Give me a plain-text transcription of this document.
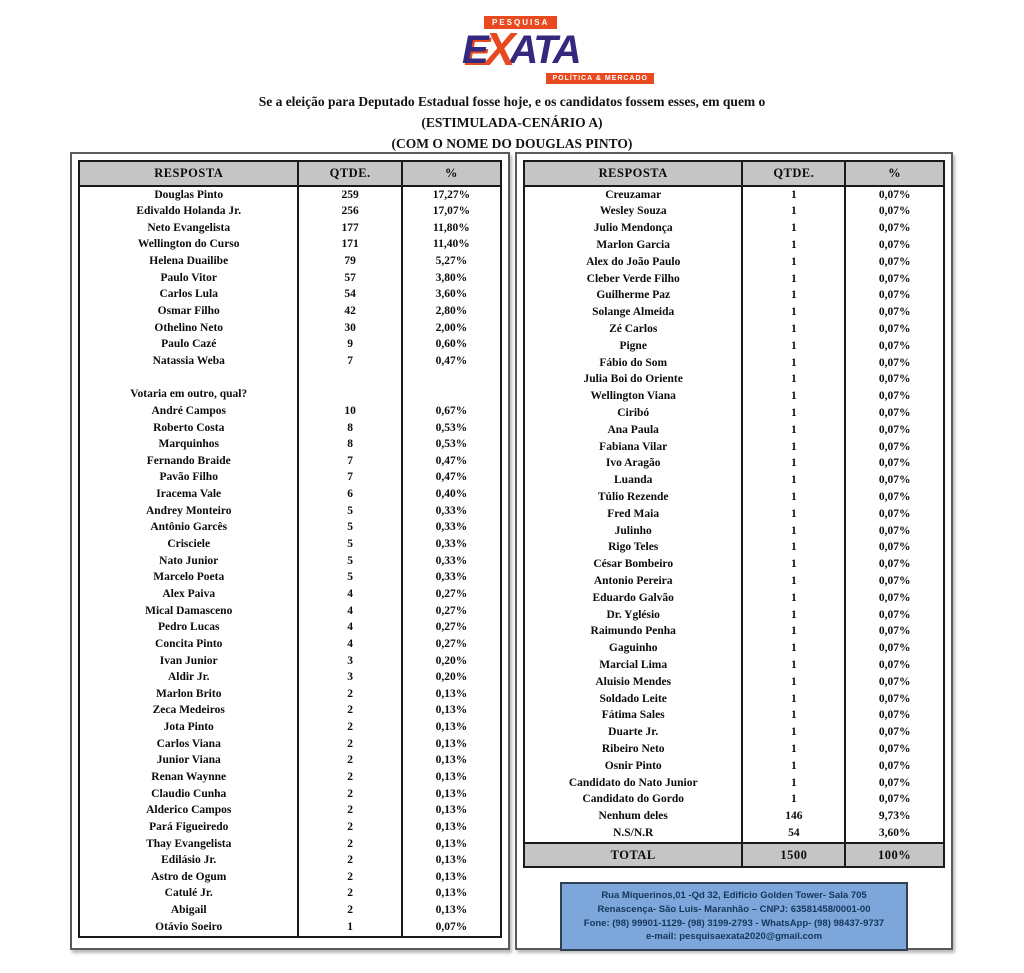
PESQUISA
EXATA
POLÍTICA & MERCADO
Se a eleição para Deputado Estadual fosse hoje, e os candidatos fossem esses, em quem o
(ESTIMULADA-CENÁRIO A)
(COM O NOME DO DOUGLAS PINTO)
RESPOSTA	QTDE.	%
Douglas Pinto	259	17,27%
Edivaldo Holanda Jr.	256	17,07%
Neto Evangelista	177	11,80%
Wellington do Curso	171	11,40%
Helena Duailibe	79	5,27%
Paulo Vitor	57	3,80%
Carlos Lula	54	3,60%
Osmar Filho	42	2,80%
Othelino Neto	30	2,00%
Paulo Cazé	9	0,60%
Natassia Weba	7	0,47%

Votaria em outro, qual?		
André Campos	10	0,67%
Roberto Costa	8	0,53%
Marquinhos	8	0,53%
Fernando Braide	7	0,47%
Pavão Filho	7	0,47%
Iracema Vale	6	0,40%
Andrey Monteiro	5	0,33%
Antônio Garcês	5	0,33%
Crisciele	5	0,33%
Nato Junior	5	0,33%
Marcelo Poeta	5	0,33%
Alex Paiva	4	0,27%
Mical Damasceno	4	0,27%
Pedro Lucas	4	0,27%
Concita Pinto	4	0,27%
Ivan Junior	3	0,20%
Aldir Jr.	3	0,20%
Marlon Brito	2	0,13%
Zeca Medeiros	2	0,13%
Jota Pinto	2	0,13%
Carlos Viana	2	0,13%
Junior Viana	2	0,13%
Renan Waynne	2	0,13%
Claudio Cunha	2	0,13%
Alderico Campos	2	0,13%
Pará Figueiredo	2	0,13%
Thay Evangelista	2	0,13%
Edilásio Jr.	2	0,13%
Astro de Ogum	2	0,13%
Catulé Jr.	2	0,13%
Abigail	2	0,13%
Otávio Soeiro	1	0,07%
RESPOSTA	QTDE.	%
Creuzamar	1	0,07%
Wesley Souza	1	0,07%
Julio Mendonça	1	0,07%
Marlon Garcia	1	0,07%
Alex do João Paulo	1	0,07%
Cleber Verde Filho	1	0,07%
Guilherme Paz	1	0,07%
Solange Almeida	1	0,07%
Zé Carlos	1	0,07%
Pigne	1	0,07%
Fábio do Som	1	0,07%
Julia Boi do Oriente	1	0,07%
Wellington Viana	1	0,07%
Ciribó	1	0,07%
Ana Paula	1	0,07%
Fabiana Vilar	1	0,07%
Ivo Aragão	1	0,07%
Luanda	1	0,07%
Túlio Rezende	1	0,07%
Fred Maia	1	0,07%
Julinho	1	0,07%
Rigo Teles	1	0,07%
César Bombeiro	1	0,07%
Antonio Pereira	1	0,07%
Eduardo Galvão	1	0,07%
Dr. Yglésio	1	0,07%
Raimundo Penha	1	0,07%
Gaguinho	1	0,07%
Marcial Lima	1	0,07%
Aluisio Mendes	1	0,07%
Soldado Leite	1	0,07%
Fátima Sales	1	0,07%
Duarte Jr.	1	0,07%
Ribeiro Neto	1	0,07%
Osnir Pinto	1	0,07%
Candidato do Nato Junior	1	0,07%
Candidato do Gordo	1	0,07%
Nenhum deles	146	9,73%
N.S/N.R	54	3,60%
TOTAL	1500	100%
Rua Miquerinos,01 -Qd 32, Edificio Golden Tower- Sala 705
Renascença- São Luis- Maranhão – CNPJ: 63581458/0001-00
Fone: (98) 99901-1129- (98) 3199-2793 - WhatsApp- (98) 98437-9737
e-mail: pesquisaexata2020@gmail.com
